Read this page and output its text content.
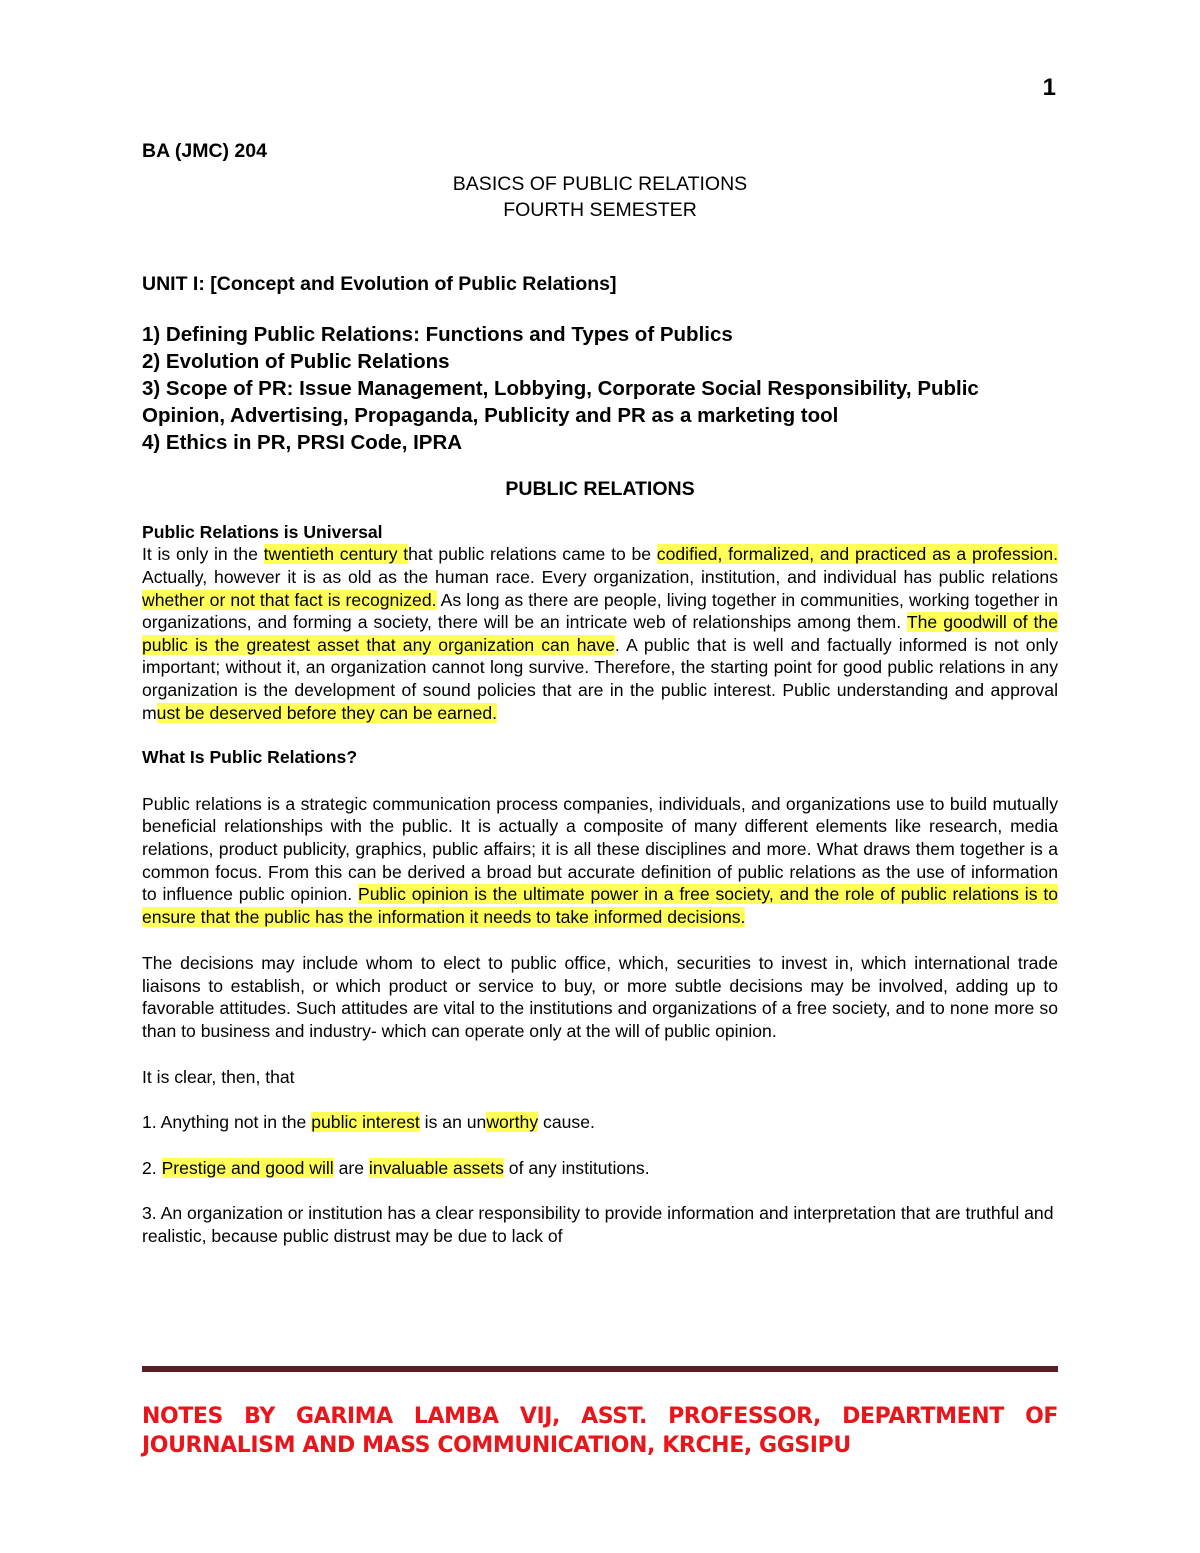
1
BA (JMC) 204
BASICS OF PUBLIC RELATIONS
FOURTH SEMESTER
UNIT I: [Concept and Evolution of Public Relations]
1) Defining Public Relations: Functions and Types of Publics
2) Evolution of Public Relations
3) Scope of PR: Issue Management, Lobbying, Corporate Social Responsibility, Public Opinion, Advertising, Propaganda, Publicity and PR as a marketing tool
4) Ethics in PR, PRSI Code, IPRA
PUBLIC RELATIONS
Public Relations is Universal

It is only in the twentieth century that public relations came to be codified, formalized, and practiced as a profession. Actually, however it is as old as the human race. Every organization, institution, and individual has public relations whether or not that fact is recognized. As long as there are people, living together in communities, working together in organizations, and forming a society, there will be an intricate web of relationships among them. The goodwill of the public is the greatest asset that any organization can have. A public that is well and factually informed is not only important; without it, an organization cannot long survive. Therefore, the starting point for good public relations in any organization is the development of sound policies that are in the public interest. Public understanding and approval must be deserved before they can be earned.

What Is Public Relations?

Public relations is a strategic communication process companies, individuals, and organizations use to build mutually beneficial relationships with the public. It is actually a composite of many different elements like research, media relations, product publicity, graphics, public affairs; it is all these disciplines and more. What draws them together is a common focus. From this can be derived a broad but accurate definition of public relations as the use of information to influence public opinion. Public opinion is the ultimate power in a free society, and the role of public relations is to ensure that the public has the information it needs to take informed decisions.

The decisions may include whom to elect to public office, which, securities to invest in, which international trade liaisons to establish, or which product or service to buy, or more subtle decisions may be involved, adding up to favorable attitudes. Such attitudes are vital to the institutions and organizations of a free society, and to none more so than to business and industry- which can operate only at the will of public opinion.

It is clear, then, that

1. Anything not in the public interest is an unworthy cause.

2. Prestige and good will are invaluable assets of any institutions.

3. An organization or institution has a clear responsibility to provide information and interpretation that are truthful and realistic, because public distrust may be due to lack of

NOTES BY GARIMA LAMBA VIJ, ASST. PROFESSOR, DEPARTMENT OF JOURNALISM AND MASS COMMUNICATION, KRCHE, GGSIPU
